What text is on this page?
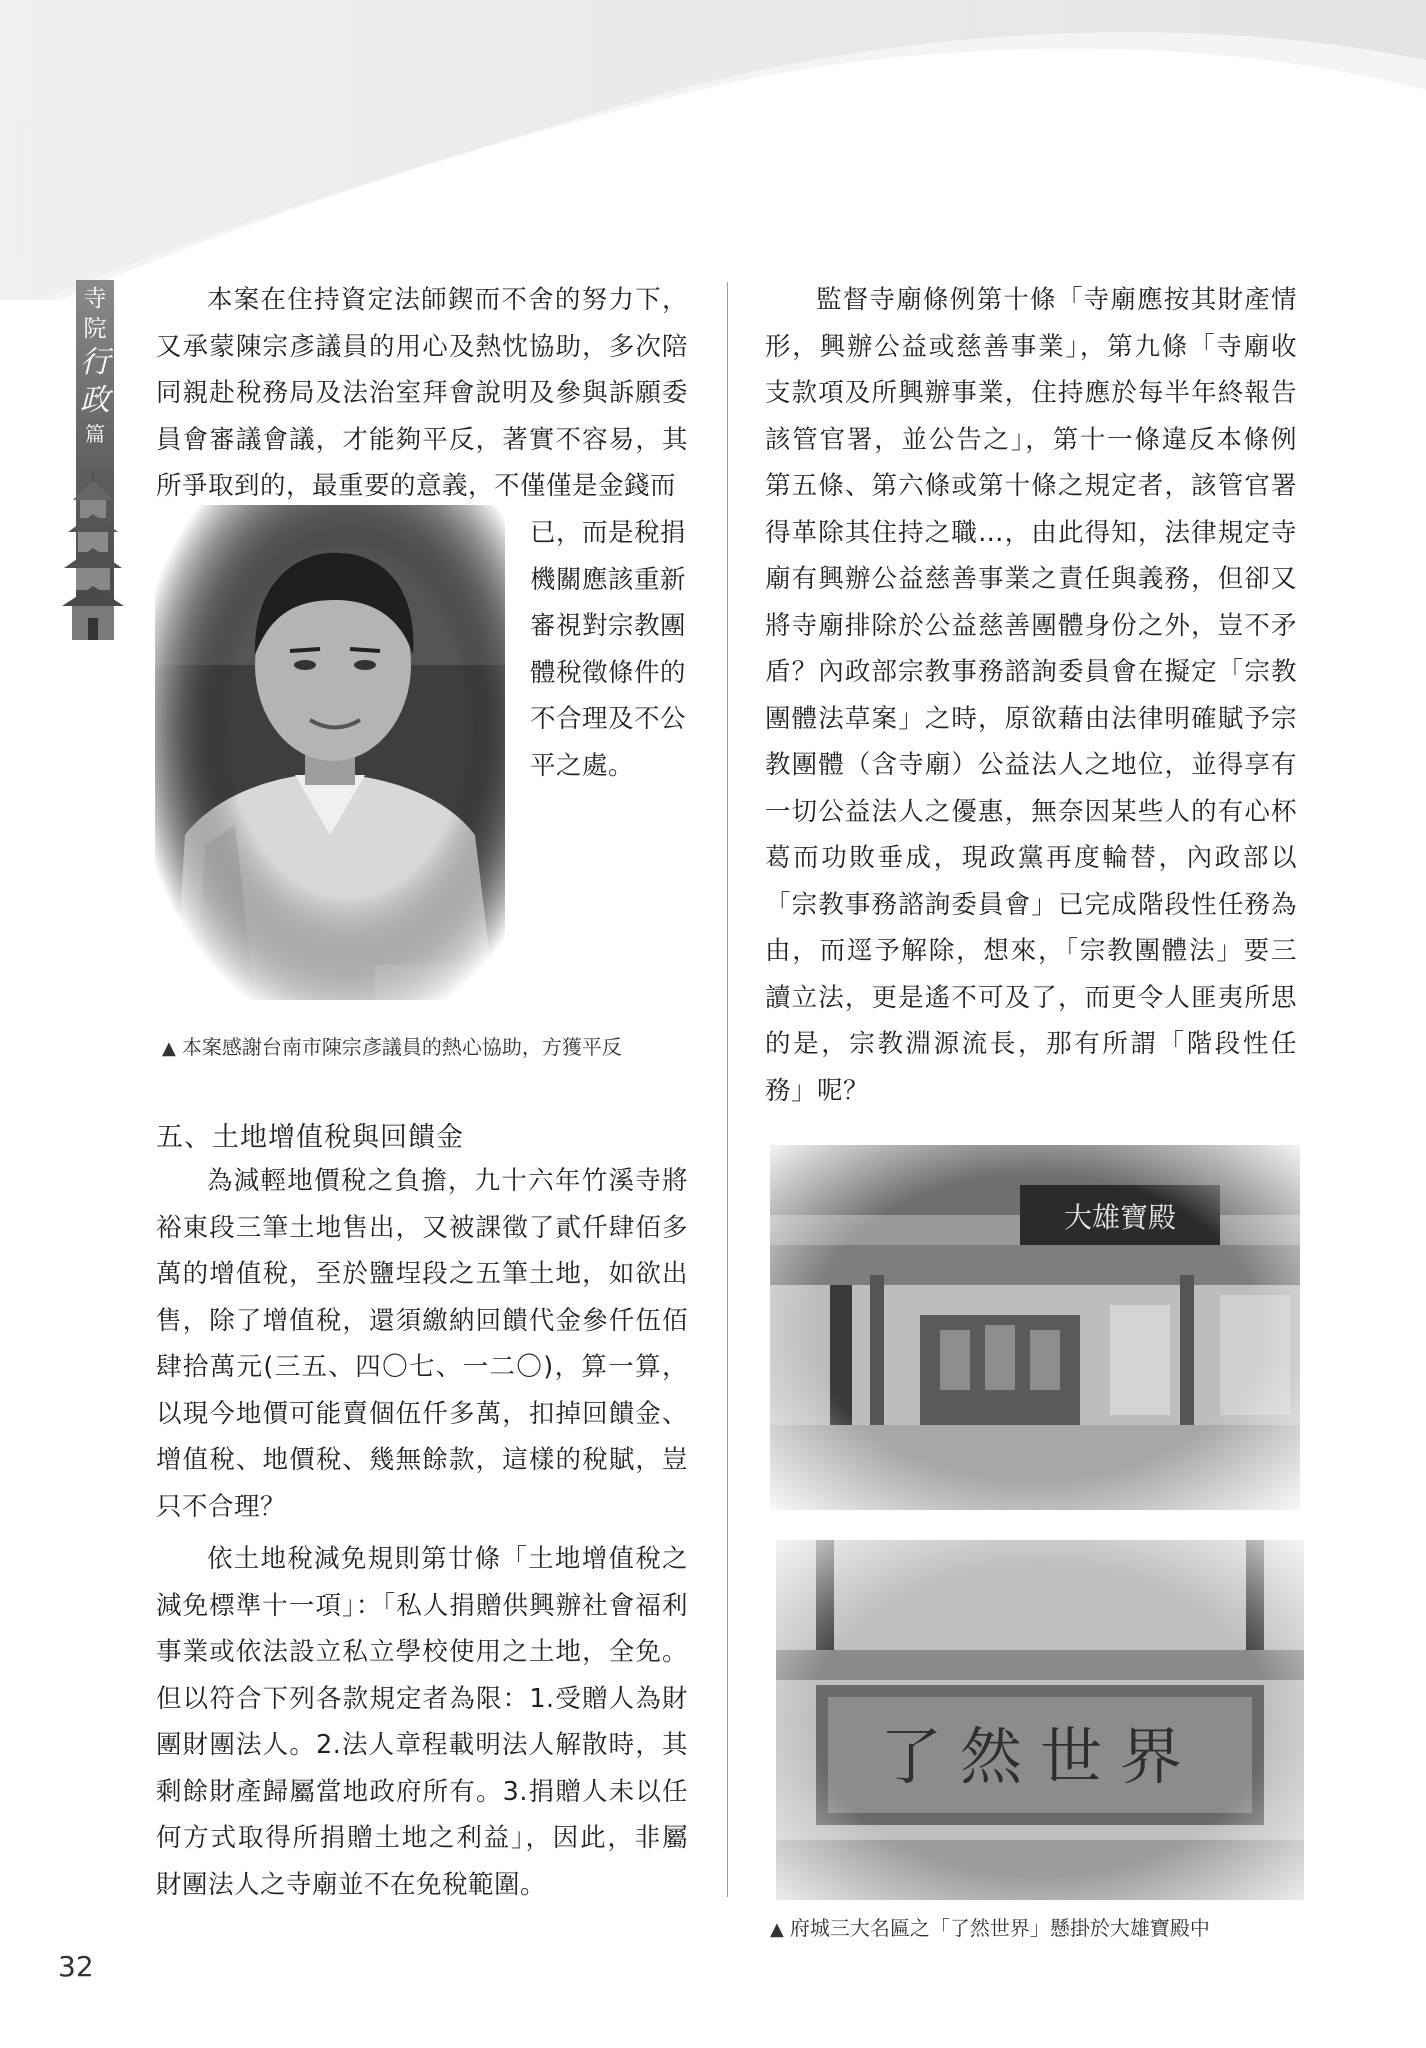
寺院
行政
篇

本案在住持資定法師鍥而不舍的努力下，又承蒙陳宗彥議員的用心及熱忱協助，多次陪同親赴稅務局及法治室拜會說明及參與訴願委員會審議會議，才能夠平反，著實不容易，其所爭取到的，最重要的意義，不僅僅是金錢而

已，而是稅捐
機關應該重新
審視對宗教團
體稅徵條件的
不合理及不公
平之處。
▲ 本案感謝台南市陳宗彥議員的熱心協助，方獲平反
五、土地增值稅與回饋金

為減輕地價稅之負擔，九十六年竹溪寺將裕東段三筆土地售出，又被課徵了貳仟肆佰多萬的增值稅，至於鹽埕段之五筆土地，如欲出售，除了增值稅，還須繳納回饋代金參仟伍佰肆拾萬元(三五、四〇七、一二〇)，算一算，以現今地價可能賣個伍仟多萬，扣掉回饋金、增值稅、地價稅、幾無餘款，這樣的稅賦，豈只不合理？

依土地稅減免規則第廿條「土地增值稅之減免標準十一項」：「私人捐贈供興辦社會福利事業或依法設立私立學校使用之土地，全免。但以符合下列各款規定者為限：1.受贈人為財團財團法人。2.法人章程載明法人解散時，其剩餘財產歸屬當地政府所有。3.捐贈人未以任何方式取得所捐贈土地之利益」，因此，非屬財團法人之寺廟並不在免稅範圍。

監督寺廟條例第十條「寺廟應按其財產情形，興辦公益或慈善事業」，第九條「寺廟收支款項及所興辦事業，住持應於每半年終報告該管官署，並公告之」，第十一條違反本條例第五條、第六條或第十條之規定者，該管官署得革除其住持之職…，由此得知，法律規定寺廟有興辦公益慈善事業之責任與義務，但卻又將寺廟排除於公益慈善團體身份之外，豈不矛盾？內政部宗教事務諮詢委員會在擬定「宗教團體法草案」之時，原欲藉由法律明確賦予宗教團體（含寺廟）公益法人之地位，並得享有一切公益法人之優惠，無奈因某些人的有心杯葛而功敗垂成，現政黨再度輪替，內政部以「宗教事務諮詢委員會」已完成階段性任務為由，而逕予解除，想來，「宗教團體法」要三讀立法，更是遙不可及了，而更令人匪夷所思的是，宗教淵源流長，那有所謂「階段性任務」呢？

▲ 府城三大名匾之「了然世界」懸掛於大雄寶殿中
32
